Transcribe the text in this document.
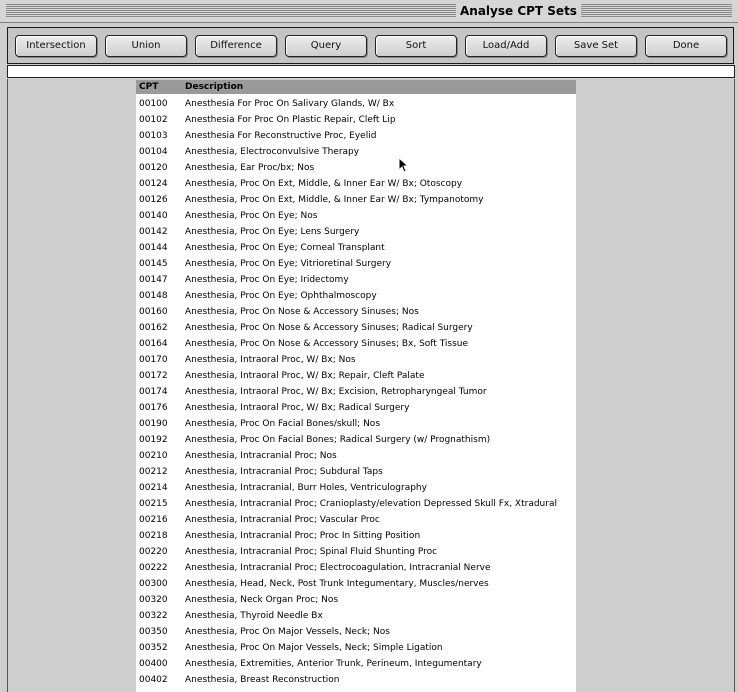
Analyse CPT Sets
Intersection	Union	Difference	Query	Sort	Load/Add	Save Set	Done
CPT	Description
00100 Anesthesia For Proc On Salivary Glands, W/ Bx
00102 Anesthesia For Proc On Plastic Repair, Cleft Lip
00103 Anesthesia For Reconstructive Proc, Eyelid
00104 Anesthesia, Electroconvulsive Therapy
00120 Anesthesia, Ear Proc/bx; Nos
00124 Anesthesia, Proc On Ext, Middle, & Inner Ear W/ Bx; Otoscopy
00126 Anesthesia, Proc On Ext, Middle, & Inner Ear W/ Bx; Tympanotomy
00140 Anesthesia, Proc On Eye; Nos
00142 Anesthesia, Proc On Eye; Lens Surgery
00144 Anesthesia, Proc On Eye; Corneal Transplant
00145 Anesthesia, Proc On Eye; Vitrioretinal Surgery
00147 Anesthesia, Proc On Eye; Iridectomy
00148 Anesthesia, Proc On Eye; Ophthalmoscopy
00160 Anesthesia, Proc On Nose & Accessory Sinuses; Nos
00162 Anesthesia, Proc On Nose & Accessory Sinuses; Radical Surgery
00164 Anesthesia, Proc On Nose & Accessory Sinuses; Bx, Soft Tissue
00170 Anesthesia, Intraoral Proc, W/ Bx; Nos
00172 Anesthesia, Intraoral Proc, W/ Bx; Repair, Cleft Palate
00174 Anesthesia, Intraoral Proc, W/ Bx; Excision, Retropharyngeal Tumor
00176 Anesthesia, Intraoral Proc, W/ Bx; Radical Surgery
00190 Anesthesia, Proc On Facial Bones/skull; Nos
00192 Anesthesia, Proc On Facial Bones; Radical Surgery (w/ Prognathism)
00210 Anesthesia, Intracranial Proc; Nos
00212 Anesthesia, Intracranial Proc; Subdural Taps
00214 Anesthesia, Intracranial, Burr Holes, Ventriculography
00215 Anesthesia, Intracranial Proc; Cranioplasty/elevation Depressed Skull Fx, Xtradural
00216 Anesthesia, Intracranial Proc; Vascular Proc
00218 Anesthesia, Intracranial Proc; Proc In Sitting Position
00220 Anesthesia, Intracranial Proc; Spinal Fluid Shunting Proc
00222 Anesthesia, Intracranial Proc; Electrocoagulation, Intracranial Nerve
00300 Anesthesia, Head, Neck, Post Trunk Integumentary, Muscles/nerves
00320 Anesthesia, Neck Organ Proc; Nos
00322 Anesthesia, Thyroid Needle Bx
00350 Anesthesia, Proc On Major Vessels, Neck; Nos
00352 Anesthesia, Proc On Major Vessels, Neck; Simple Ligation
00400 Anesthesia, Extremities, Anterior Trunk, Perineum, Integumentary
00402 Anesthesia, Breast Reconstruction
